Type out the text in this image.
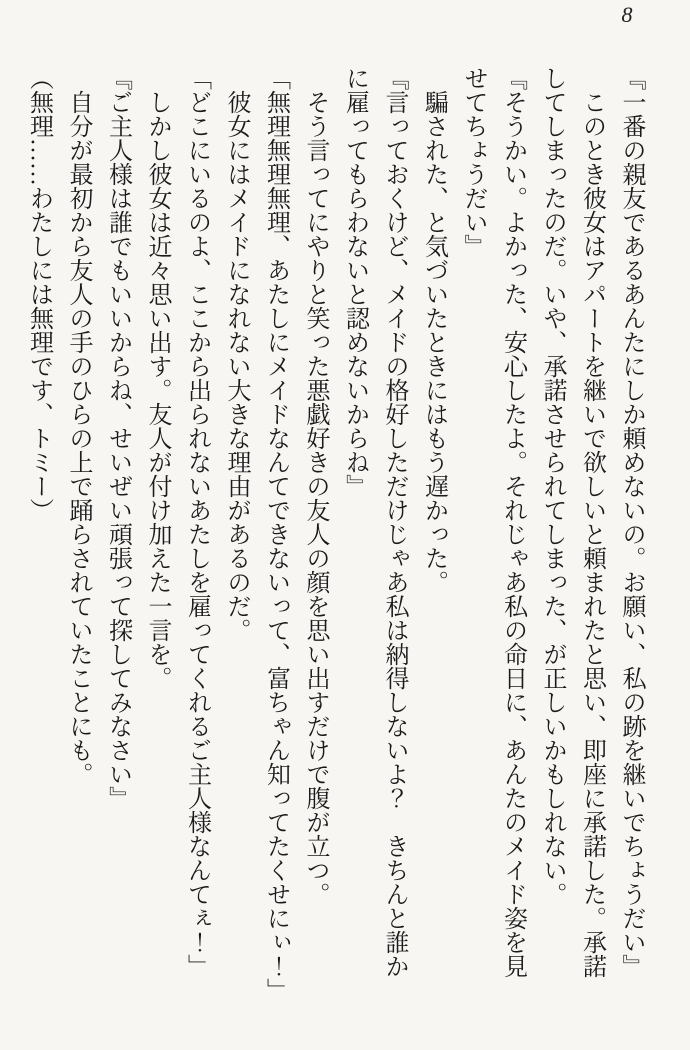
8

『一番の親友であるあんたにしか頼めないの。お願い、私の跡を継いでちょうだい』

このとき彼女はアパートを継いで欲しいと頼まれたと思い、即座に承諾した。承諾

してしまったのだ。いや、承諾させられてしまった、が正しいかもしれない。

『そうかい。よかった、安心したよ。それじゃあ私の命日に、あんたのメイド姿を見

せてちょうだい』

騙された、と気づいたときにはもう遅かった。

『言っておくけど、メイドの格好しただけじゃあ私は納得しないよ？　きちんと誰か

に雇ってもらわないと認めないからね』

そう言ってにやりと笑った悪戯好きの友人の顔を思い出すだけで腹が立つ。

「無理無理無理、あたしにメイドなんてできないって、富ちゃん知ってたくせにぃ！」

彼女にはメイドになれない大きな理由があるのだ。

「どこにいるのよ、ここから出られないあたしを雇ってくれるご主人様なんてぇ！」

しかし彼女は近々思い出す。友人が付け加えた一言を。

『ご主人様は誰でもいいからね、せいぜい頑張って探してみなさい』

自分が最初から友人の手のひらの上で踊らされていたことにも。

（無理……わたしには無理です、トミー）
